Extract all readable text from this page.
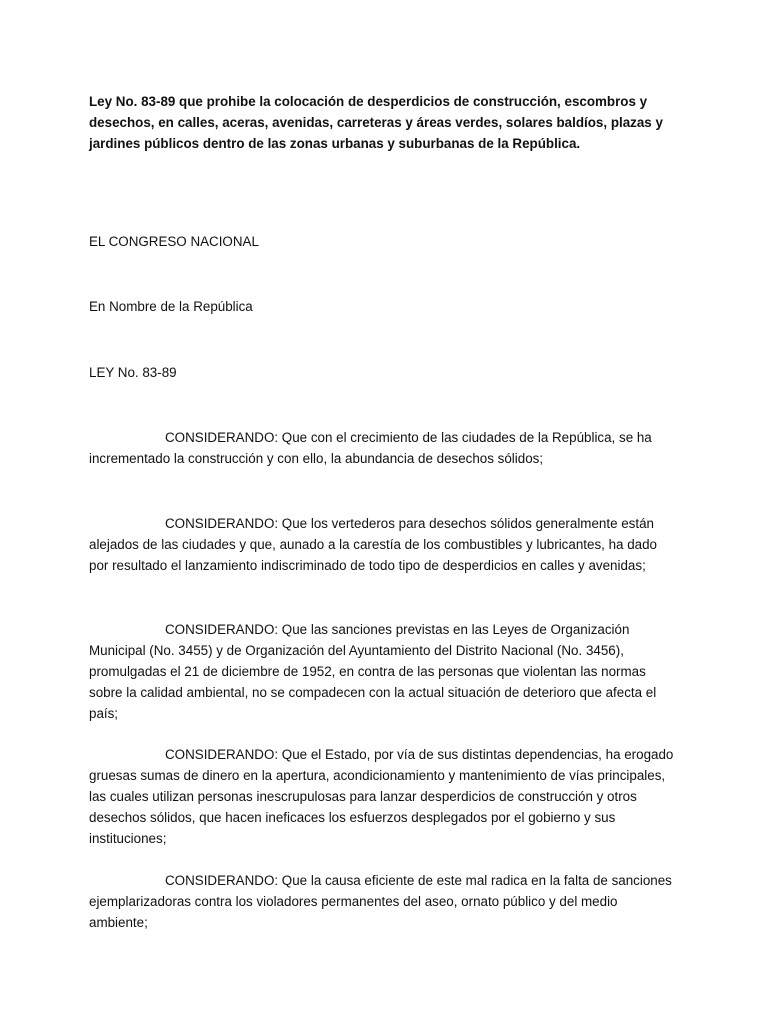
Ley No. 83-89 que prohibe la colocación de desperdicios de construcción, escombros y desechos, en calles, aceras, avenidas, carreteras y áreas verdes, solares baldíos, plazas y jardines públicos dentro de las zonas urbanas y suburbanas de la República.

EL CONGRESO NACIONAL

En Nombre de la República

LEY No. 83-89

CONSIDERANDO: Que con el crecimiento de las ciudades de la República, se ha incrementado la construcción y con ello, la abundancia de desechos sólidos;

CONSIDERANDO: Que los vertederos para desechos sólidos generalmente están alejados de las ciudades y que, aunado a la carestía de los combustibles y lubricantes, ha dado por resultado el lanzamiento indiscriminado de todo tipo de desperdicios en calles y avenidas;

CONSIDERANDO: Que las sanciones previstas en las Leyes de Organización Municipal (No. 3455) y de Organización del Ayuntamiento del Distrito Nacional (No. 3456), promulgadas el 21 de diciembre de 1952, en contra de las personas que violentan las normas sobre la calidad ambiental, no se compadecen con la actual situación de deterioro que afecta el país;

CONSIDERANDO: Que el Estado, por vía de sus distintas dependencias, ha erogado gruesas sumas de dinero en la apertura, acondicionamiento y mantenimiento de vías principales, las cuales utilizan personas inescrupulosas para lanzar desperdicios de construcción y otros desechos sólidos, que hacen ineficaces los esfuerzos desplegados por el gobierno y sus instituciones;

CONSIDERANDO: Que la causa eficiente de este mal radica en la falta de sanciones ejemplarizadoras contra los violadores permanentes del aseo, ornato público y del medio ambiente;
